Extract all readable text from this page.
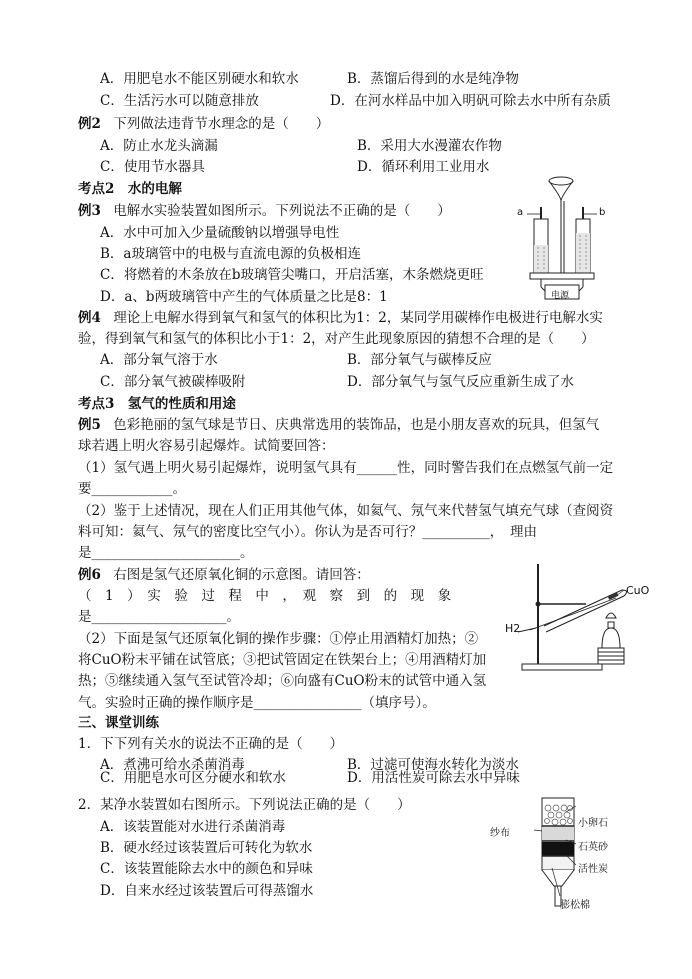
A．用肥皂水不能区别硬水和软水	B．蒸馏后得到的水是纯净物
C．生活污水可以随意排放	D．在河水样品中加入明矾可除去水中所有杂质
例2 下列做法违背节水理念的是（　　）
A．防止水龙头滴漏	B．采用大水漫灌农作物
C．使用节水器具	D．循环利用工业用水
考点2　水的电解
例3 电解水实验装置如图所示。下列说法不正确的是（　　）
A．水中可加入少量硫酸钠以增强导电性
B．a玻璃管中的电极与直流电源的负极相连
C．将燃着的木条放在b玻璃管尖嘴口，开启活塞，木条燃烧更旺
D．a、b两玻璃管中产生的气体质量之比是8：1
a	b
电源
例4 理论上电解水得到氧气和氢气的体积比为1：2，某同学用碳棒作电极进行电解水实
验，得到氧气和氢气的体积比小于1：2，对产生此现象原因的猜想不合理的是（　　）
A．部分氧气溶于水	B．部分氧气与碳棒反应
C．部分氧气被碳棒吸附	D．部分氧气与氢气反应重新生成了水
考点3　氢气的性质和用途
例5 色彩艳丽的氢气球是节日、庆典常选用的装饰品，也是小朋友喜欢的玩具，但氢气
球若遇上明火容易引起爆炸。试简要回答：
（1）氢气遇上明火易引起爆炸，说明氢气具有______性，同时警告我们在点燃氢气前一定
要____________。
（2）鉴于上述情况，现在人们正用其他气体，如氦气、氖气来代替氢气填充气球（查阅资
料可知：氦气、氖气的密度比空气小）。你认为是否可行？__________，　理由
是______________________。
例6 右图是氢气还原氧化铜的示意图。请回答：
（　1　）　实　验　过　程　中　，　观　察　到　的　现　象
是____________________。
（2）下面是氢气还原氧化铜的操作步骤：①停止用酒精灯加热；②
将CuO粉末平铺在试管底；③把试管固定在铁架台上；④用酒精灯加
热；⑤继续通入氢气至试管冷却；⑥向盛有CuO粉末的试管中通入氢
气。实验时正确的操作顺序是________________（填序号）。
CuO
H2
三、课堂训练
1．下下列有关水的说法不正确的是（　　）
A．煮沸可给水杀菌消毒	B．过滤可使海水转化为淡水
C．用肥皂水可区分硬水和软水	D．用活性炭可除去水中异味
2．某净水装置如右图所示。下列说法正确的是（　　）
A．该装置能对水进行杀菌消毒
B．硬水经过该装置后可转化为软水
C．该装置能除去水中的颜色和异味
D．自来水经过该装置后可得蒸馏水
小卵石
纱布
石英砂
活性炭
膨松棉
